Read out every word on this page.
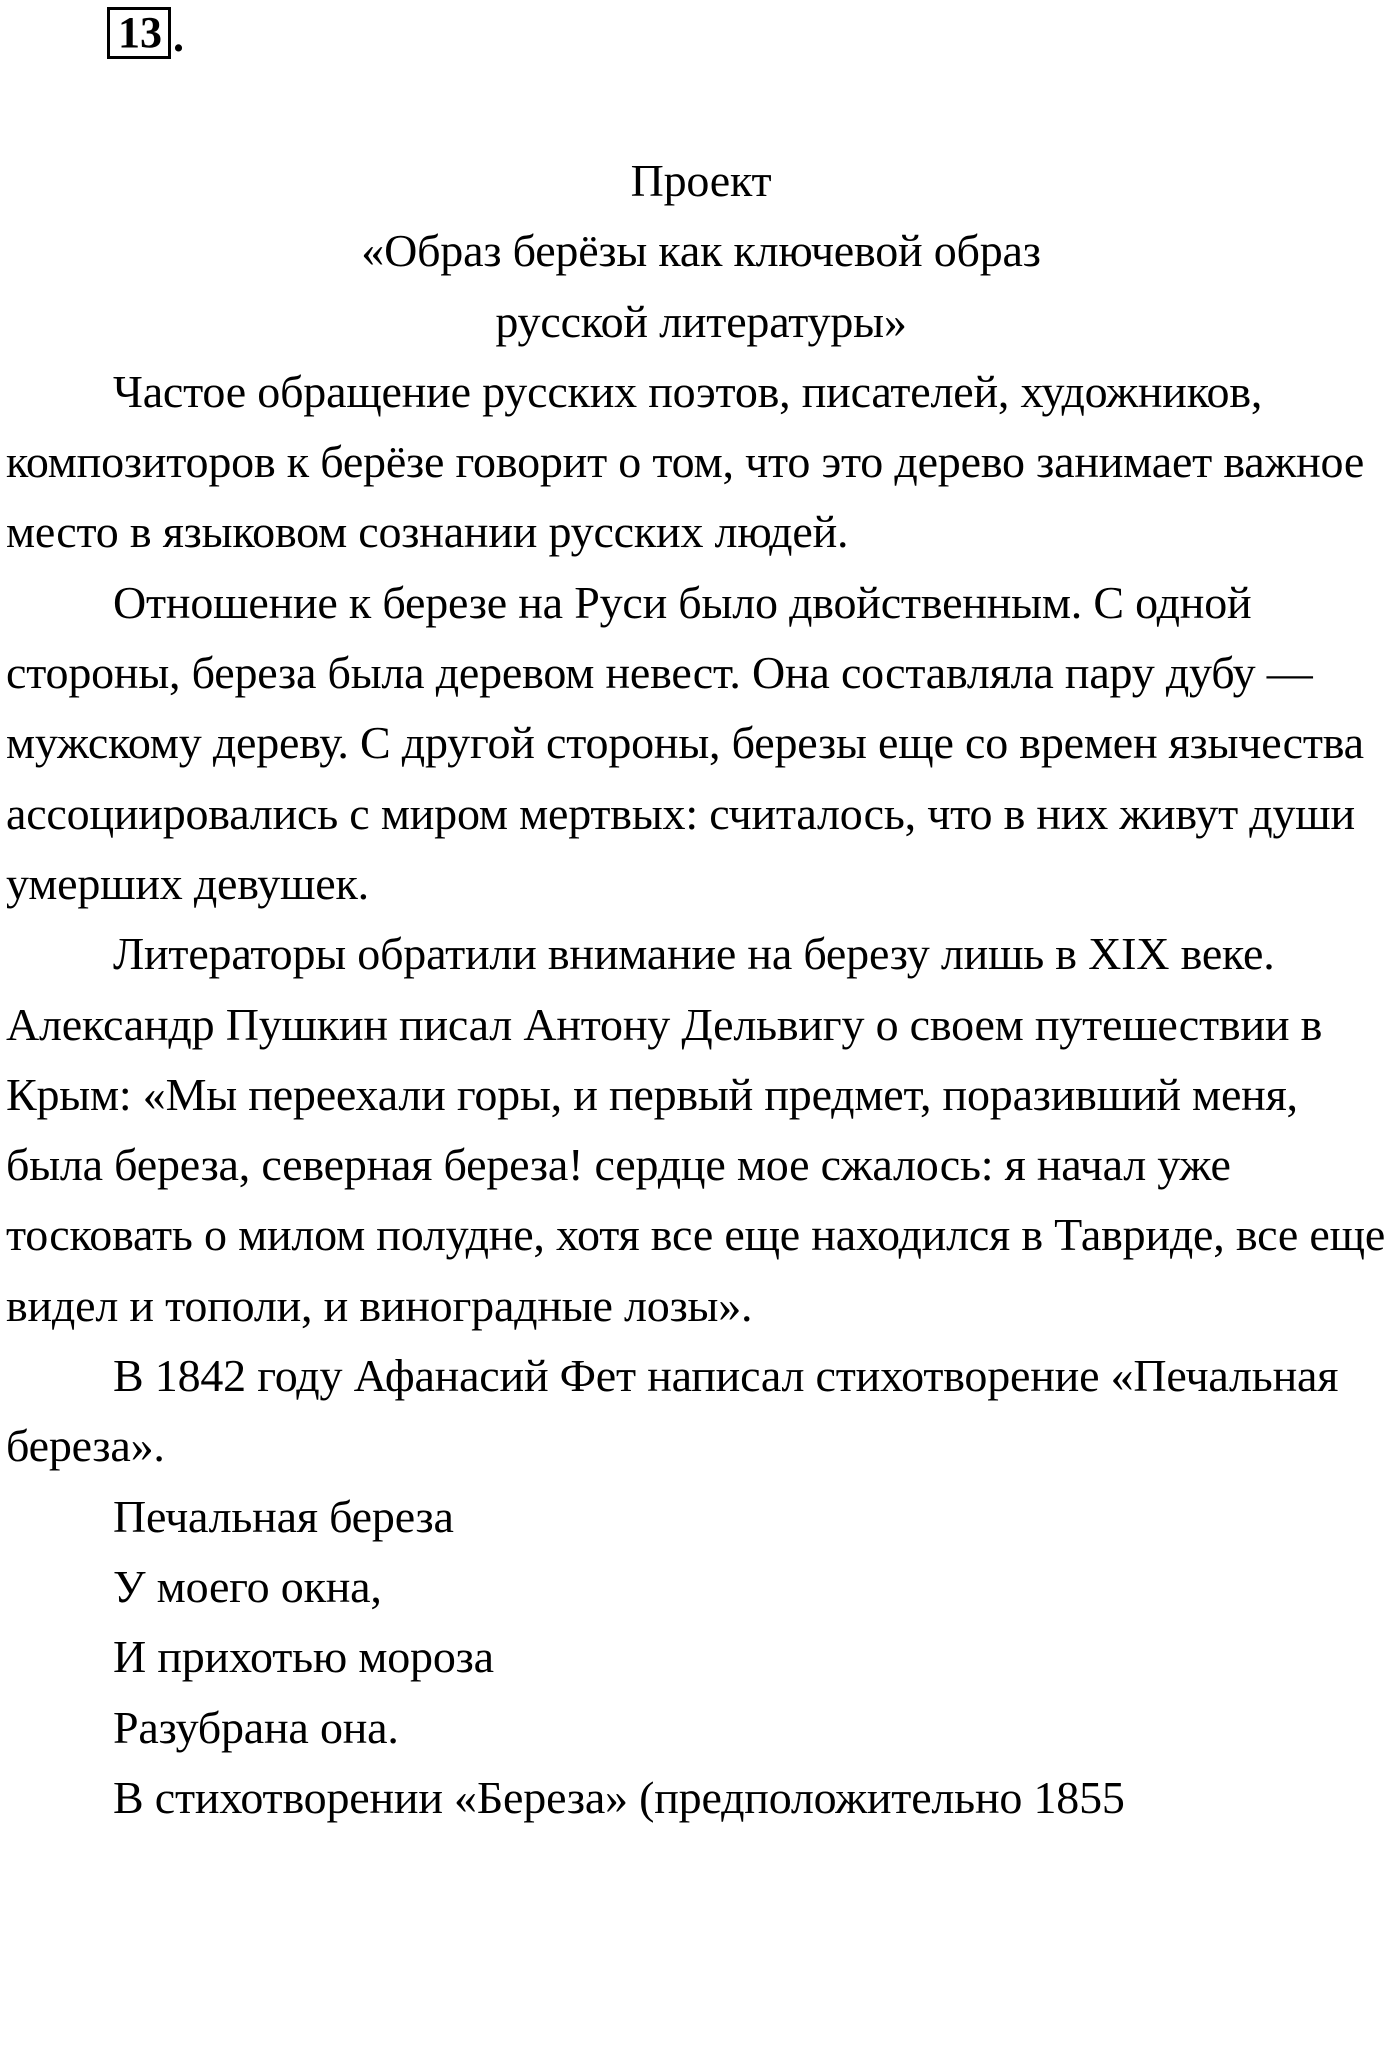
13 .

Проект

«Образ берёзы как ключевой образ

русской литературы»

Частое обращение русских поэтов, писателей, художников, композиторов к берёзе говорит о том, что это дерево занимает важное место в языковом сознании русских людей.

Отношение к березе на Руси было двойственным. С одной стороны, береза была деревом невест. Она составляла пару дубу — мужскому дереву. С другой стороны, березы еще со времен язычества ассоциировались с миром мертвых: считалось, что в них живут души умерших девушек.

Литераторы обратили внимание на березу лишь в XIX веке. Александр Пушкин писал Антону Дельвигу о своем путешествии в Крым: «Мы переехали горы, и первый предмет, поразивший меня, была береза, северная береза! сердце мое сжалось: я начал уже тосковать о милом полудне, хотя все еще находился в Тавриде, все еще видел и тополи, и виноградные лозы».

В 1842 году Афанасий Фет написал стихотворение «Печальная береза».

Печальная береза

У моего окна,

И прихотью мороза

Разубрана она.

В стихотворении «Береза» (предположительно 1855
